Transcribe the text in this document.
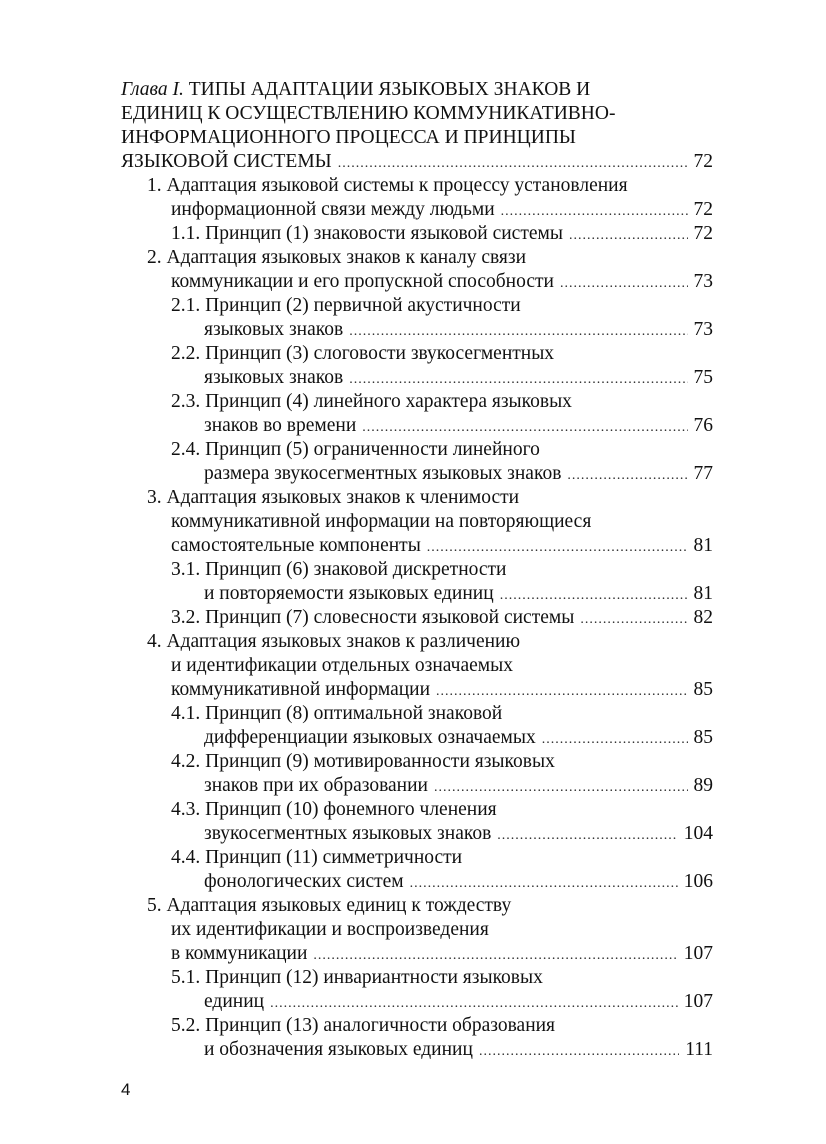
Глава I. ТИПЫ АДАПТАЦИИ ЯЗЫКОВЫХ ЗНАКОВ И
ЕДИНИЦ К ОСУЩЕСТВЛЕНИЮ КОММУНИКАТИВНО-
ИНФОРМАЦИОННОГО ПРОЦЕССА И ПРИНЦИПЫ
ЯЗЫКОВОЙ СИСТЕМЫ .....	72
1. Адаптация языковой системы к процессу установления
информационной связи между людьми .....	72
1.1. Принцип (1) знаковости языковой системы .....	72
2. Адаптация языковых знаков к каналу связи
коммуникации и его пропускной способности .....	73
2.1. Принцип (2) первичной акустичности
языковых знаков .....	73
2.2. Принцип (3) слоговости звукосегментных
языковых знаков .....	75
2.3. Принцип (4) линейного характера языковых
знаков во времени .....	76
2.4. Принцип (5) ограниченности линейного
размера звукосегментных языковых знаков .....	77
3. Адаптация языковых знаков к членимости
коммуникативной информации на повторяющиеся
самостоятельные компоненты .....	81
3.1. Принцип (6) знаковой дискретности
и повторяемости языковых единиц .....	81
3.2. Принцип (7) словесности языковой системы .....	82
4. Адаптация языковых знаков к различению
и идентификации отдельных означаемых
коммуникативной информации .....	85
4.1. Принцип (8) оптимальной знаковой
дифференциации языковых означаемых .....	85
4.2. Принцип (9) мотивированности языковых
знаков при их образовании .....	89
4.3. Принцип (10) фонемного членения
звукосегментных языковых знаков .....	104
4.4. Принцип (11) симметричности
фонологических систем .....	106
5. Адаптация языковых единиц к тождеству
их идентификации и воспроизведения
в коммуникации .....	107
5.1. Принцип (12) инвариантности языковых
единиц .....	107
5.2. Принцип (13) аналогичности образования
и обозначения языковых единиц .....	111
4
